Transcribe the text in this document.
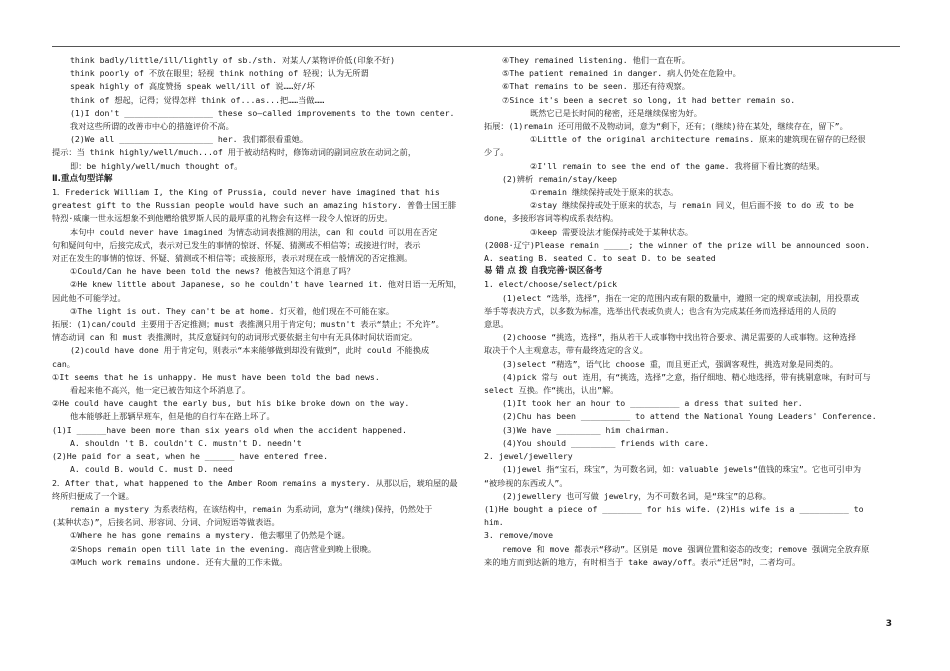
think badly/little/ill/lightly of sb./sth. 对某人/某物评价低(印象不好)
think poorly of 不放在眼里；轻视 think nothing of 轻视；认为无所谓
speak highly of 高度赞扬 speak well/ill of 说……好/坏
think of 想起，记得；觉得怎样 think of...as...把……当做……
(1)I don't __________________ these so—called improvements to the town center.
我对这些所谓的改善市中心的措施评价不高。
(2)We all ___________________ her. 我们都很看重她。
提示：当 think highly/well/much...of 用于被动结构时，修饰动词的副词应放在动词之前，
即：be highly/well/much thought of。
Ⅱ.重点句型详解
1．Frederick William I, the King of Prussia, could never have imagined that his
greatest gift to the Russian people would have such an amazing history. 普鲁士国王腓
特烈·威廉一世永远想象不到他赠给俄罗斯人民的最厚重的礼物会有这样一段令人惊讶的历史。
本句中 could never have imagined 为情态动词表推测的用法，can 和 could 可以用在否定
句和疑问句中，后接完成式，表示对已发生的事情的惊讶、怀疑、猜测或不相信等；或接进行时，表示
对正在发生的事情的惊讶、怀疑、猜测或不相信等；或接原形，表示对现在或一般情况的否定推测。
①Could/Can he have been told the news? 他被告知这个消息了吗？
②He knew little about Japanese, so he couldn't have learned it. 他对日语一无所知，
因此他不可能学过。
③The light is out. They can't be at home. 灯灭着，他们现在不可能在家。
拓展：(1)can/could 主要用于否定推测；must 表推测只用于肯定句；mustn't 表示“禁止；不允许”。
情态动词 can 和 must 表推测时，其反意疑问句的动词形式要依据主句中有无具体时间状语而定。
(2)could have done 用于肯定句，则表示“本来能够做到却没有做到”，此时 could 不能换成
can。
①It seems that he is unhappy. He must have been told the bad news.
看起来他不高兴，他一定已被告知这个坏消息了。
②He could have caught the early bus, but his bike broke down on the way.
他本能够赶上那辆早班车，但是他的自行车在路上坏了。
(1)I ______have been more than six years old when the accident happened.
A. shouldn 't B. couldn't C. mustn't D. needn't
(2)He paid for a seat, when he ______ have entered free.
A. could B. would C. must D. need
2．After that, what happened to the Amber Room remains a mystery. 从那以后，琥珀屋的最
终所归便成了一个谜。
remain a mystery 为系表结构，在该结构中，remain 为系动词，意为“(继续)保持，仍然处于
(某种状态)”，后接名词、形容词、分词、介词短语等做表语。
①Where he has gone remains a mystery. 他去哪里了仍然是个谜。
②Shops remain open till late in the evening. 商店营业到晚上很晚。
③Much work remains undone. 还有大量的工作未做。
④They remained listening. 他们一直在听。
⑤The patient remained in danger. 病人仍处在危险中。
⑥That remains to be seen. 那还有待观察。
⑦Since it's been a secret so long, it had better remain so.
既然它已是长时间的秘密，还是继续保密为好。
拓展：(1)remain 还可用做不及物动词，意为“剩下，还有；(继续)待在某处，继续存在，留下”。
①Little of the original architecture remains. 原来的建筑现在留存的已经很
少了。
②I'll remain to see the end of the game. 我将留下看比赛的结果。
(2)辨析 remain/stay/keep
①remain 继续保持或处于原来的状态。
②stay 继续保持或处于原来的状态，与 remain 同义，但后面不接 to do 或 to be
done，多接形容词等构成系表结构。
③keep 需要设法才能保持或处于某种状态。
(2008·辽宁)Please remain _____; the winner of the prize will be announced soon.
A. seating B. seated C. to seat D. to be seated
易 错 点 拨 自我完善·误区备考
1. elect/choose/select/pick
(1)elect “选举，选择”，指在一定的范围内或有限的数量中，遵照一定的规章或法制，用投票或
举手等表决方式，以多数为标准，选举出代表或负责人；也含有为完成某任务而选择适用的人员的
意思。
(2)choose “挑选，选择”，指从若干人或事物中找出符合要求、满足需要的人或事物。这种选择
取决于个人主观意志，带有最终选定的含义。
(3)select “精选”，语气比 choose 重，而且更正式，强调客观性，挑选对象是同类的。
(4)pick 常与 out 连用，有“挑选，选择”之意，指仔细地、精心地选择，带有挑剔意味，有时可与
select 互换。作“挑出，认出”解。
(1)It took her an hour to __________ a dress that suited her.
(2)Chu has been __________ to attend the National Young Leaders' Conference.
(3)We have _________ him chairman.
(4)You should _________ friends with care.
2. jewel/jewellery
(1)jewel 指“宝石，珠宝”，为可数名词，如：valuable jewels“值钱的珠宝”。它也可引申为
“被珍视的东西或人”。
(2)jewellery 也可写做 jewelry，为不可数名词，是“珠宝”的总称。
(1)He bought a piece of ________ for his wife. (2)His wife is a __________ to
him.
3. remove/move
remove 和 move 都表示“移动”。区别是 move 强调位置和姿态的改变；remove 强调完全放弃原
来的地方而到达新的地方，有时相当于 take away/off。表示“迁居”时，二者均可。
3
